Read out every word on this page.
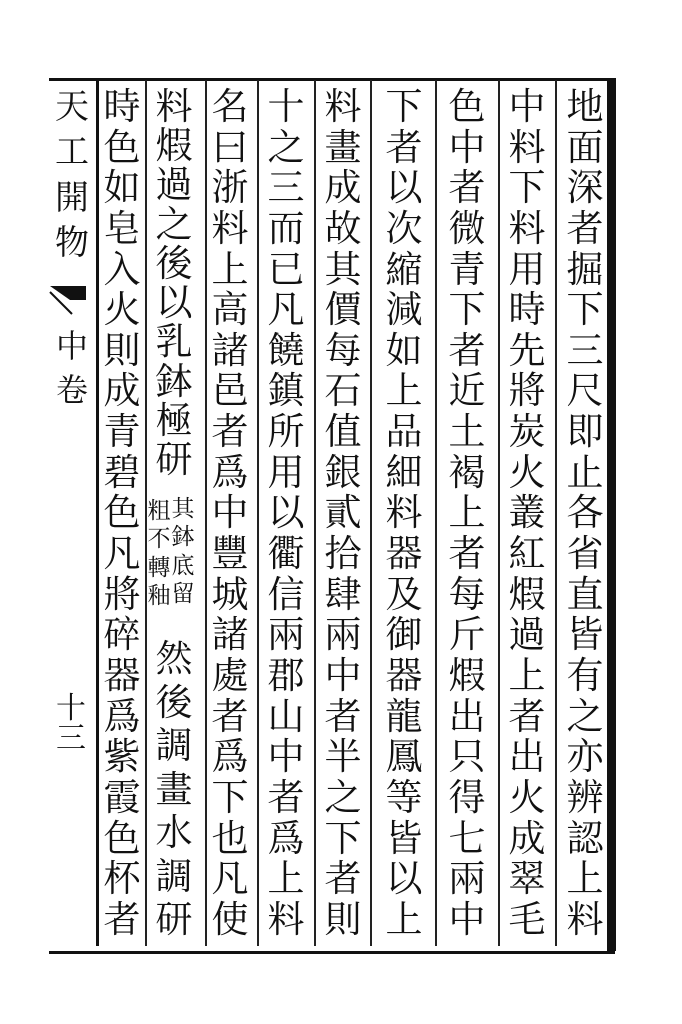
天
工
開
物
中
卷
十三
地
面
深
者
掘
下
三
尺
即
止
各
省
直
皆
有
之
亦
辨
認
上
料
中
料
下
料
用
時
先
將
炭
火
叢
紅
煆
過
上
者
出
火
成
翠
毛
色
中
者
微
青
下
者
近
土
褐
上
者
每
斤
煆
出
只
得
七
兩
中
下
者
以
次
縮
減
如
上
品
細
料
器
及
御
器
龍
鳳
等
皆
以
上
料
畫
成
故
其
價
每
石
值
銀
貳
拾
肆
兩
中
者
半
之
下
者
則
十
之
三
而
已
凡
饒
鎮
所
用
以
衢
信
兩
郡
山
中
者
爲
上
料
名
曰
浙
料
上
高
諸
邑
者
爲
中
豐
城
諸
處
者
爲
下
也
凡
使
料
煆
過
之
後
以
乳
鉢
極
研
其
鉢
底
留
粗
不
轉
釉
然
後
調
畫
水
調
研
時
色
如
皂
入
火
則
成
青
碧
色
凡
將
碎
器
爲
紫
霞
色
杯
者
